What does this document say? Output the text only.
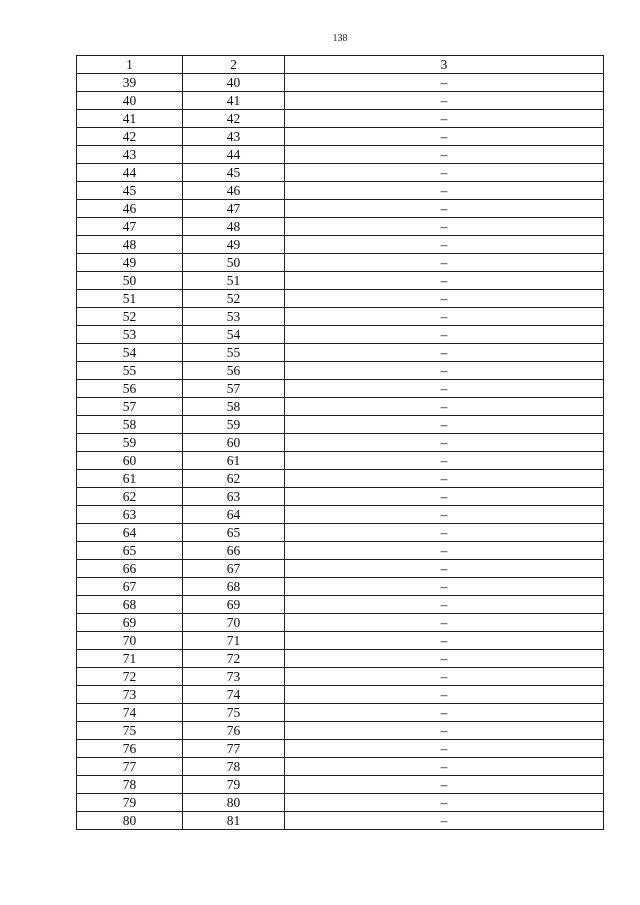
138
1	2	3
39	40	–
40	41	–
41	42	–
42	43	–
43	44	–
44	45	–
45	46	–
46	47	–
47	48	–
48	49	–
49	50	–
50	51	–
51	52	–
52	53	–
53	54	–
54	55	–
55	56	–
56	57	–
57	58	–
58	59	–
59	60	–
60	61	–
61	62	–
62	63	–
63	64	–
64	65	–
65	66	–
66	67	–
67	68	–
68	69	–
69	70	–
70	71	–
71	72	–
72	73	–
73	74	–
74	75	–
75	76	–
76	77	–
77	78	–
78	79	–
79	80	–
80	81	–
